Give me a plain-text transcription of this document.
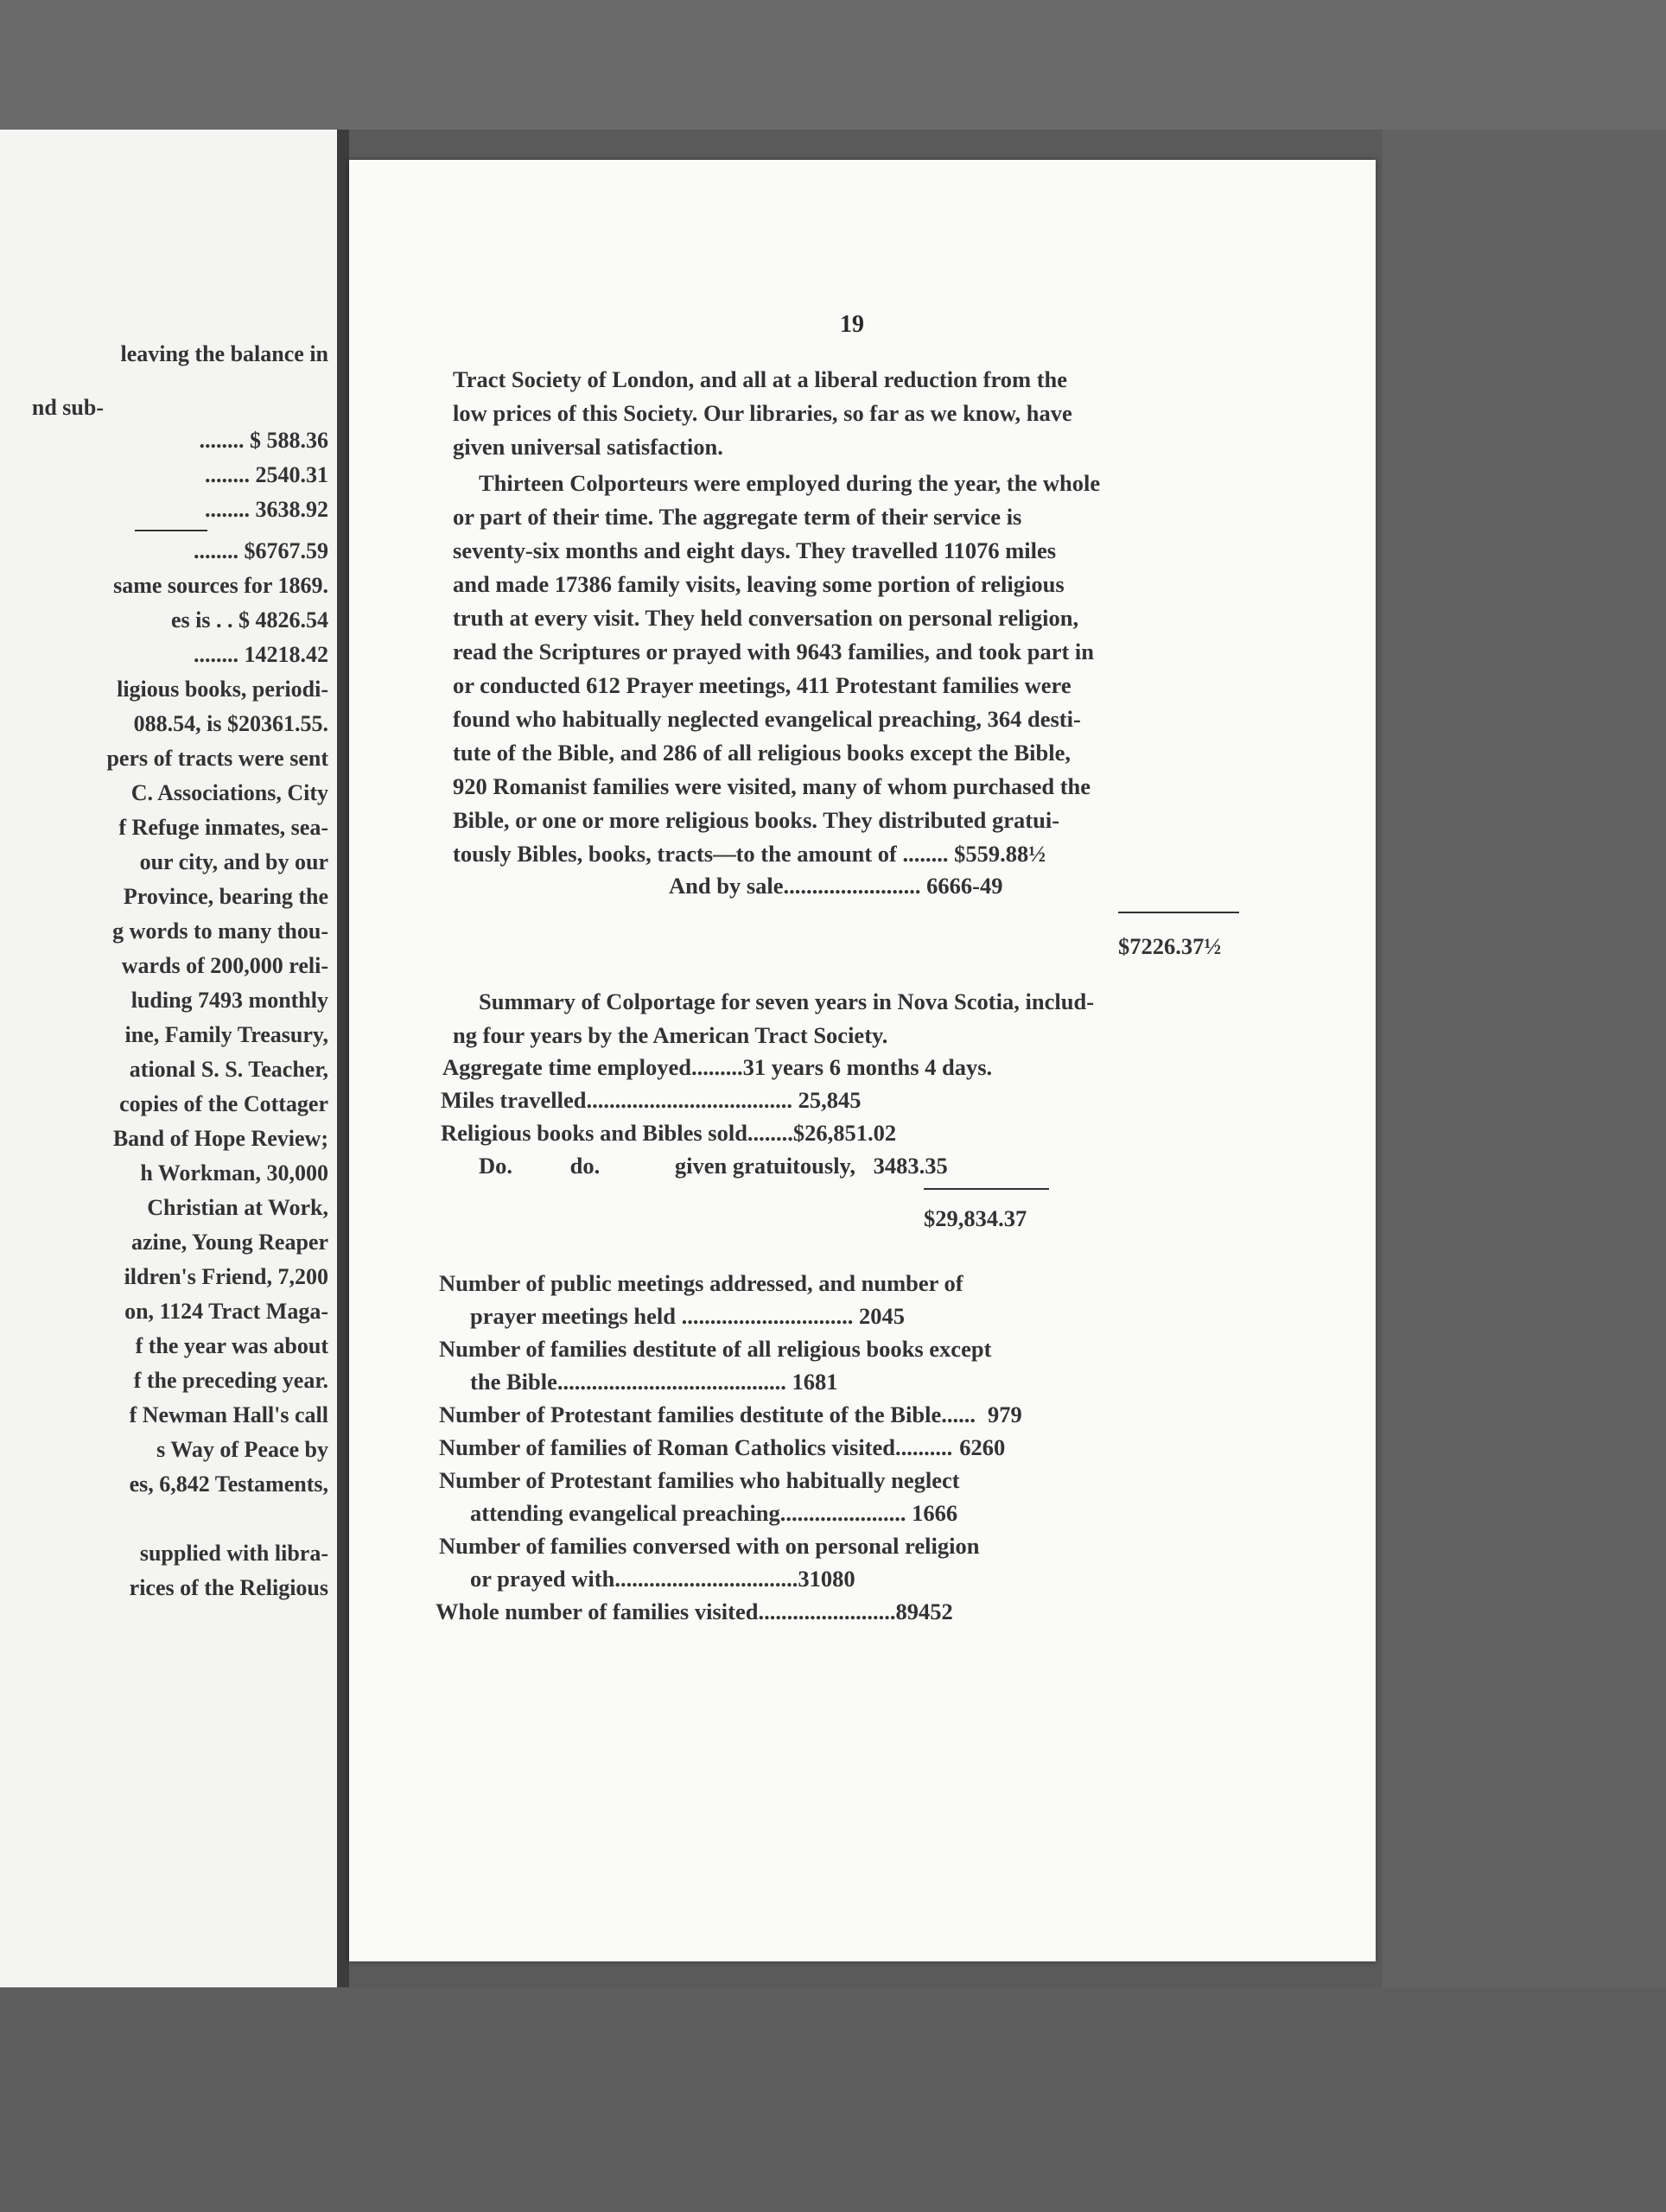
leaving the balance in
nd sub-
........ $ 588.36
........ 2540.31
........ 3638.92
........ $6767.59
same sources for 1869.
es is . . $ 4826.54
........ 14218.42
ligious books, periodi-
088.54, is $20361.55.
pers of tracts were sent
C. Associations, City
f Refuge inmates, sea-
our city, and by our
Province, bearing the
g words to many thou-
wards of 200,000 reli-
luding 7493 monthly
ine, Family Treasury,
ational S. S. Teacher,
copies of the Cottager
Band of Hope Review;
h Workman, 30,000
Christian at Work,
azine, Young Reaper
ildren's Friend, 7,200
on, 1124 Tract Maga-
f the year was about
f the preceding year.
f Newman Hall's call
s Way of Peace by
es, 6,842 Testaments,
supplied with libra-
rices of the Religious
19
Tract Society of London, and all at a liberal reduction from the
low prices of this Society. Our libraries, so far as we know, have
given universal satisfaction.
Thirteen Colporteurs were employed during the year, the whole
or part of their time. The aggregate term of their service is
seventy-six months and eight days. They travelled 11076 miles
and made 17386 family visits, leaving some portion of religious
truth at every visit. They held conversation on personal religion,
read the Scriptures or prayed with 9643 families, and took part in
or conducted 612 Prayer meetings, 411 Protestant families were
found who habitually neglected evangelical preaching, 364 desti-
tute of the Bible, and 286 of all religious books except the Bible,
920 Romanist families were visited, many of whom purchased the
Bible, or one or more religious books. They distributed gratui-
tously Bibles, books, tracts—to the amount of ........ $559.88½
And by sale........................ 6666-49
$7226.37½
Summary of Colportage for seven years in Nova Scotia, includ-
ng four years by the American Tract Society.
Aggregate time employed.........31 years 6 months 4 days.
Miles travelled.................................... 25,845
Religious books and Bibles sold........$26,851.02
Do.	do.	given gratuitously, 3483.35
$29,834.37
Number of public meetings addressed, and number of
prayer meetings held .............................. 2045
Number of families destitute of all religious books except
the Bible........................................ 1681
Number of Protestant families destitute of the Bible...... 979
Number of families of Roman Catholics visited.......... 6260
Number of Protestant families who habitually neglect
attending evangelical preaching...................... 1666
Number of families conversed with on personal religion
or prayed with................................31080
Whole number of families visited........................89452
